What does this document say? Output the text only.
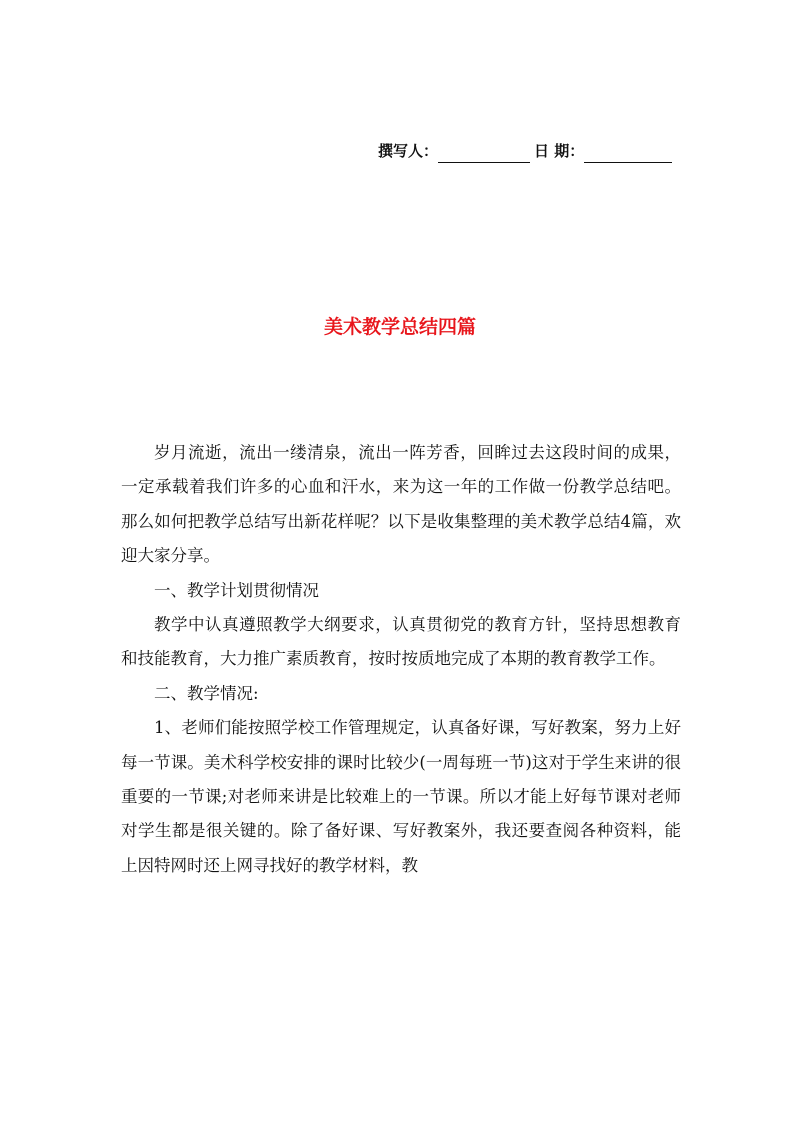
撰写人：	日 期：
美术教学总结四篇

岁月流逝，流出一缕清泉，流出一阵芳香，回眸过去这段时间的成果，一定承载着我们许多的心血和汗水，来为这一年的工作做一份教学总结吧。那么如何把教学总结写出新花样呢？以下是收集整理的美术教学总结4篇，欢迎大家分享。

一、教学计划贯彻情况

教学中认真遵照教学大纲要求，认真贯彻党的教育方针，坚持思想教育和技能教育，大力推广素质教育，按时按质地完成了本期的教育教学工作。

二、教学情况:

1、老师们能按照学校工作管理规定，认真备好课，写好教案，努力上好每一节课。美术科学校安排的课时比较少(一周每班一节)这对于学生来讲的很重要的一节课;对老师来讲是比较难上的一节课。所以才能上好每节课对老师对学生都是很关键的。除了备好课、写好教案外，我还要查阅各种资料，能上因特网时还上网寻找好的教学材料，教
